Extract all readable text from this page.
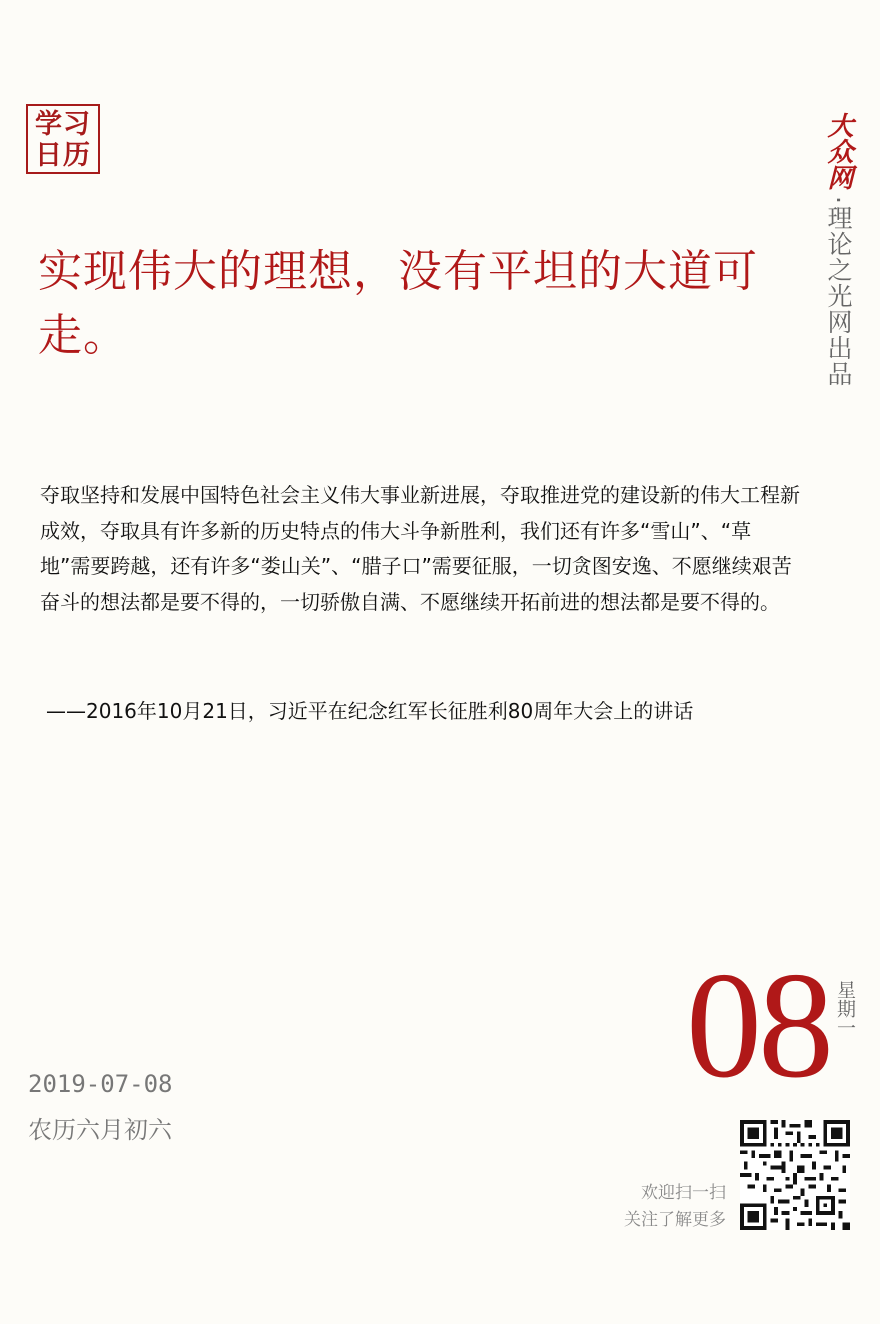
学习
日历	大众网 ·理论之光网出品
实现伟大的理想，没有平坦的大道可走。

夺取坚持和发展中国特色社会主义伟大事业新进展，夺取推进党的建设新的伟大工程新成效，夺取具有许多新的历史特点的伟大斗争新胜利，我们还有许多“雪山”、“草地”需要跨越，还有许多“娄山关”、“腊子口”需要征服，一切贪图安逸、不愿继续艰苦奋斗的想法都是要不得的，一切骄傲自满、不愿继续开拓前进的想法都是要不得的。

——2016年10月21日，习近平在纪念红军长征胜利80周年大会上的讲话
08 星期一
2019-07-08
农历六月初六
欢迎扫一扫
关注了解更多
